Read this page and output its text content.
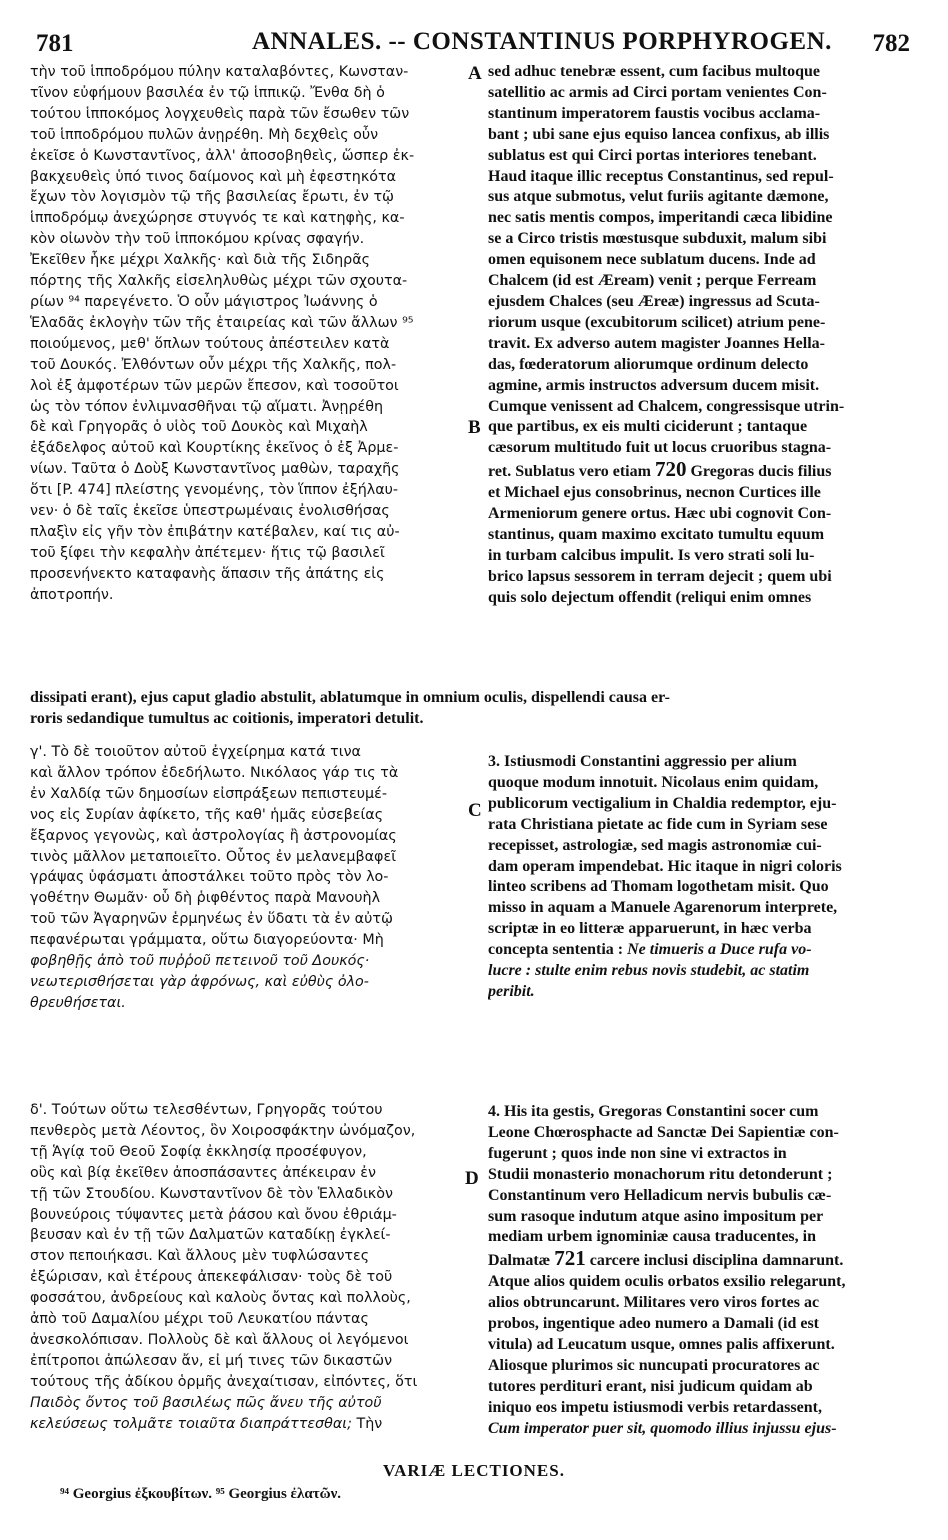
781	ANNALES. -- CONSTANTINUS PORPHYROGEN. 782
A
B
C
D
τὴν τοῦ ἱπποδρόμου πύλην καταλαβόντες, Κωνσταν-
τῖνον εὐφήμουν βασιλέα ἐν τῷ ἱππικῷ. Ἔνθα δὴ ὁ
τούτου ἱπποκόμος λογχευθεὶς παρὰ τῶν ἔσωθεν τῶν
τοῦ ἱπποδρόμου πυλῶν ἀνῃρέθη. Μὴ δεχθεὶς οὖν
ἐκεῖσε ὁ Κωνσταντῖνος, ἀλλ' ἀποσοβηθεὶς, ὥσπερ ἐκ-
βακχευθεὶς ὑπό τινος δαίμονος καὶ μὴ ἐφεστηκότα
ἔχων τὸν λογισμὸν τῷ τῆς βασιλείας ἔρωτι, ἐν τῷ
ἱπποδρόμῳ ἀνεχώρησε στυγνός τε καὶ κατηφὴς, κα-
κὸν οἰωνὸν τὴν τοῦ ἱπποκόμου κρίνας σφαγήν.
Ἐκεῖθεν ἧκε μέχρι Χαλκῆς· καὶ διὰ τῆς Σιδηρᾶς
πόρτης τῆς Χαλκῆς εἰσεληλυθὼς μέχρι τῶν σχουτα-
ρίων ⁹⁴ παρεγένετο. Ὁ οὖν μάγιστρος Ἰωάννης ὁ
Ἑλαδᾶς ἐκλογὴν τῶν τῆς ἑταιρείας καὶ τῶν ἄλλων ⁹⁵
ποιούμενος, μεθ' ὅπλων τούτους ἀπέστειλεν κατὰ
τοῦ Δουκός. Ἐλθόντων οὖν μέχρι τῆς Χαλκῆς, πολ-
λοὶ ἐξ ἀμφοτέρων τῶν μερῶν ἔπεσον, καὶ τοσοῦτοι
ὡς τὸν τόπον ἐνλιμνασθῆναι τῷ αἵματι. Ἀνῃρέθη
δὲ καὶ Γρηγορᾶς ὁ υἱὸς τοῦ Δουκὸς καὶ Μιχαὴλ
ἐξάδελφος αὐτοῦ καὶ Κουρτίκης ἐκεῖνος ὁ ἐξ Ἀρμε-
νίων. Ταῦτα ὁ Δοὺξ Κωνσταντῖνος μαθὼν, ταραχῆς
ὅτι [P. 474] πλείστης γενομένης, τὸν ἵππον ἐξήλαυ-
νεν· ὁ δὲ ταῖς ἐκεῖσε ὑπεστρωμέναις ἐνολισθήσας
πλαξὶν εἰς γῆν τὸν ἐπιβάτην κατέβαλεν, καί τις αὐ-
τοῦ ξίφει τὴν κεφαλὴν ἀπέτεμεν· ἥτις τῷ βασιλεῖ
προσενήνεκτο καταφανὴς ἅπασιν τῆς ἀπάτης εἰς
ἀποτροπήν.
sed adhuc tenebræ essent, cum facibus multoque
satellitio ac armis ad Circi portam venientes Con-
stantinum imperatorem faustis vocibus acclama-
bant ; ubi sane ejus equiso lancea confixus, ab illis
sublatus est qui Circi portas interiores tenebant.
Haud itaque illic receptus Constantinus, sed repul-
sus atque submotus, velut furiis agitante dæmone,
nec satis mentis compos, imperitandi cæca libidine
se a Circo tristis mœstusque subduxit, malum sibi
omen equisonem nece sublatum ducens. Inde ad
Chalcem (id est Æream) venit ; perque Ferream
ejusdem Chalces (seu Æreæ) ingressus ad Scuta-
riorum usque (excubitorum scilicet) atrium pene-
travit. Ex adverso autem magister Joannes Hella-
das, fœderatorum aliorumque ordinum delecto
agmine, armis instructos adversum ducem misit.
Cumque venissent ad Chalcem, congressisque utrin-
que partibus, ex eis multi ciciderunt ; tantaque
cæsorum multitudo fuit ut locus cruoribus stagna-
ret. Sublatus vero etiam 720 Gregoras ducis filius
et Michael ejus consobrinus, necnon Curtices ille
Armeniorum genere ortus. Hæc ubi cognovit Con-
stantinus, quam maximo excitato tumultu equum
in turbam calcibus impulit. Is vero strati soli lu-
brico lapsus sessorem in terram dejecit ; quem ubi
quis solo dejectum offendit (reliqui enim omnes
dissipati erant), ejus caput gladio abstulit, ablatumque in omnium oculis, dispellendi causa er-
roris sedandique tumultus ac coitionis, imperatori detulit.
γ'. Τὸ δὲ τοιοῦτον αὐτοῦ ἐγχείρημα κατά τινα
καὶ ἄλλον τρόπον ἐδεδήλωτο. Νικόλαος γάρ τις τὰ
ἐν Χαλδίᾳ τῶν δημοσίων εἰσπράξεων πεπιστευμέ-
νος εἰς Συρίαν ἀφίκετο, τῆς καθ' ἡμᾶς εὐσεβείας
ἔξαρνος γεγονὼς, καὶ ἀστρολογίας ἢ ἀστρονομίας
τινὸς μᾶλλον μεταποιεῖτο. Οὗτος ἐν μελανεμβαφεῖ
γράψας ὑφάσματι ἀποστάλκει τοῦτο πρὸς τὸν λο-
γοθέτην Θωμᾶν· οὗ δὴ ῥιφθέντος παρὰ Μανουὴλ
τοῦ τῶν Ἀγαρηνῶν ἑρμηνέως ἐν ὕδατι τὰ ἐν αὐτῷ
πεφανέρωται γράμματα, οὕτω διαγορεύοντα· Μὴ
φοβηθῇς ἀπὸ τοῦ πυῤῥοῦ πετεινοῦ τοῦ Δουκός·
νεωτερισθήσεται γὰρ ἀφρόνως, καὶ εὐθὺς ὀλο-
θρευθήσεται.
3. Istiusmodi Constantini aggressio per alium
quoque modum innotuit. Nicolaus enim quidam,
publicorum vectigalium in Chaldia redemptor, eju-
rata Christiana pietate ac fide cum in Syriam sese
recepisset, astrologiæ, sed magis astronomiæ cui-
dam operam impendebat. Hic itaque in nigri coloris
linteo scribens ad Thomam logothetam misit. Quo
misso in aquam a Manuele Agarenorum interprete,
scriptæ in eo litteræ apparuerunt, in hæc verba
concepta sententia : Ne timueris a Duce rufa vo-
lucre : stulte enim rebus novis studebit, ac statim
peribit.
δ'. Τούτων οὕτω τελεσθέντων, Γρηγορᾶς τούτου
πενθερὸς μετὰ Λέοντος, ὃν Χοιροσφάκτην ὠνόμαζον,
τῇ Ἁγίᾳ τοῦ Θεοῦ Σοφίᾳ ἐκκλησίᾳ προσέφυγον,
οὓς καὶ βίᾳ ἐκεῖθεν ἀποσπάσαντες ἀπέκειραν ἐν
τῇ τῶν Στουδίου. Κωνσταντῖνον δὲ τὸν Ἑλλαδικὸν
βουνεύροις τύψαντες μετὰ ῥάσου καὶ ὄνου ἐθριάμ-
βευσαν καὶ ἐν τῇ τῶν Δαλματῶν καταδίκῃ ἐγκλεί-
στον πεποιήκασι. Καὶ ἄλλους μὲν τυφλώσαντες
ἐξώρισαν, καὶ ἑτέρους ἀπεκεφάλισαν· τοὺς δὲ τοῦ
φοσσάτου, ἀνδρείους καὶ καλοὺς ὄντας καὶ πολλοὺς,
ἀπὸ τοῦ Δαμαλίου μέχρι τοῦ Λευκατίου πάντας
ἀνεσκολόπισαν. Πολλοὺς δὲ καὶ ἄλλους οἱ λεγόμενοι
ἐπίτροποι ἀπώλεσαν ἄν, εἰ μή τινες τῶν δικαστῶν
τούτους τῆς ἀδίκου ὁρμῆς ἀνεχαίτισαν, εἰπόντες, ὅτι
Παιδὸς ὄντος τοῦ βασιλέως πῶς ἄνευ τῆς αὐτοῦ
κελεύσεως τολμᾶτε τοιαῦτα διαπράττεσθαι; Τὴν
4. His ita gestis, Gregoras Constantini socer cum
Leone Chœrosphacte ad Sanctæ Dei Sapientiæ con-
fugerunt ; quos inde non sine vi extractos in
Studii monasterio monachorum ritu detonderunt ;
Constantinum vero Helladicum nervis bubulis cæ-
sum rasoque indutum atque asino impositum per
mediam urbem ignominiæ causa traducentes, in
Dalmatæ 721 carcere inclusi disciplina damnarunt.
Atque alios quidem oculis orbatos exsilio relegarunt,
alios obtruncarunt. Militares vero viros fortes ac
probos, ingentique adeo numero a Damali (id est
vitula) ad Leucatum usque, omnes palis affixerunt.
Aliosque plurimos sic nuncupati procuratores ac
tutores perdituri erant, nisi judicum quidam ab
iniquo eos impetu istiusmodi verbis retardassent,
Cum imperator puer sit, quomodo illius injussu ejus-
VARIÆ LECTIONES.
⁹⁴ Georgius ἐξκουβίτων. ⁹⁵ Georgius ἐλατῶν.
